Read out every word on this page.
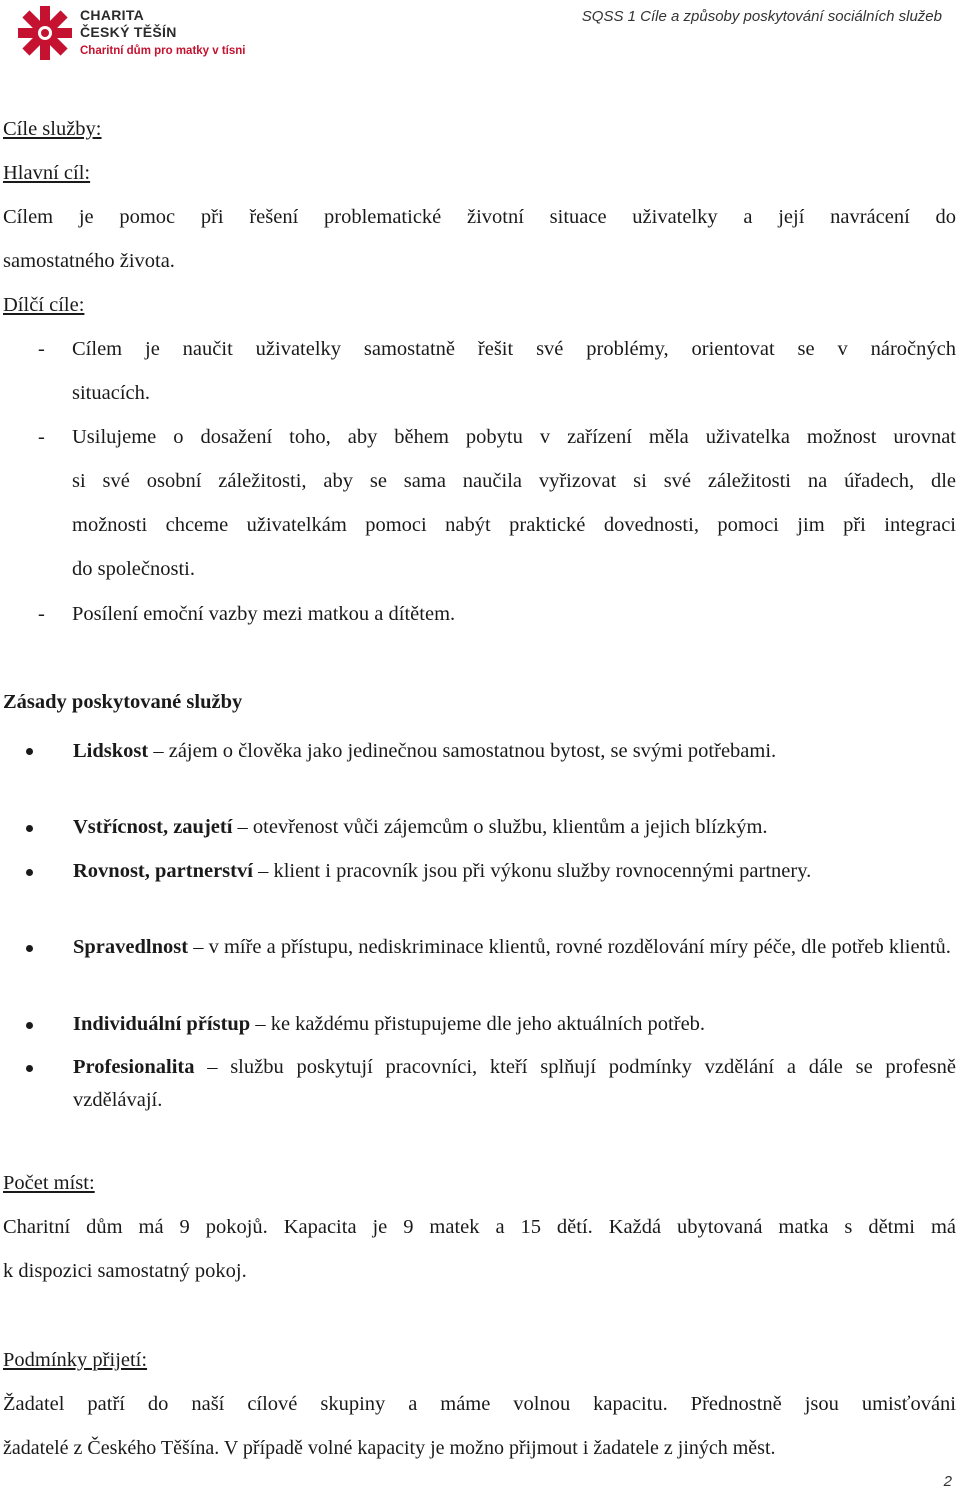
CHARITA
ČESKÝ TĚŠÍN
Charitní dům pro matky v tísni
SQSS 1 Cíle a způsoby poskytování sociálních služeb

Cíle služby:

Hlavní cíl:

Cílem je pomoc při řešení problematické životní situace uživatelky a její navrácení do

samostatného života.

Dílčí cíle:

- Cílem je naučit uživatelky samostatně řešit své problémy, orientovat se v náročných

situacích.

- Usilujeme o dosažení toho, aby během pobytu v zařízení měla uživatelka možnost urovnat

si své osobní záležitosti, aby se sama naučila vyřizovat si své záležitosti na úřadech, dle

možnosti chceme uživatelkám pomoci nabýt praktické dovednosti, pomoci jim při integraci

do společnosti.

- Posílení emoční vazby mezi matkou a dítětem.

Zásady poskytované služby

Lidskost – zájem o člověka jako jedinečnou samostatnou bytost, se svými potřebami.

Vstřícnost, zaujetí – otevřenost vůči zájemcům o službu, klientům a jejich blízkým.

Rovnost, partnerství – klient i pracovník jsou při výkonu služby rovnocennými partnery.

Spravedlnost – v míře a přístupu, nediskriminace klientů, rovné rozdělování míry péče, dle potřeb klientů.

Individuální přístup – ke každému přistupujeme dle jeho aktuálních potřeb.

Profesionalita – službu poskytují pracovníci, kteří splňují podmínky vzdělání a dále se profesně vzdělávají.

Počet míst:

Charitní dům má 9 pokojů. Kapacita je 9 matek a 15 dětí. Každá ubytovaná matka s dětmi má

k dispozici samostatný pokoj.

Podmínky přijetí:

Žadatel patří do naší cílové skupiny a máme volnou kapacitu. Přednostně jsou umisťováni

žadatelé z Českého Těšína. V případě volné kapacity je možno přijmout i žadatele z jiných měst.

2
